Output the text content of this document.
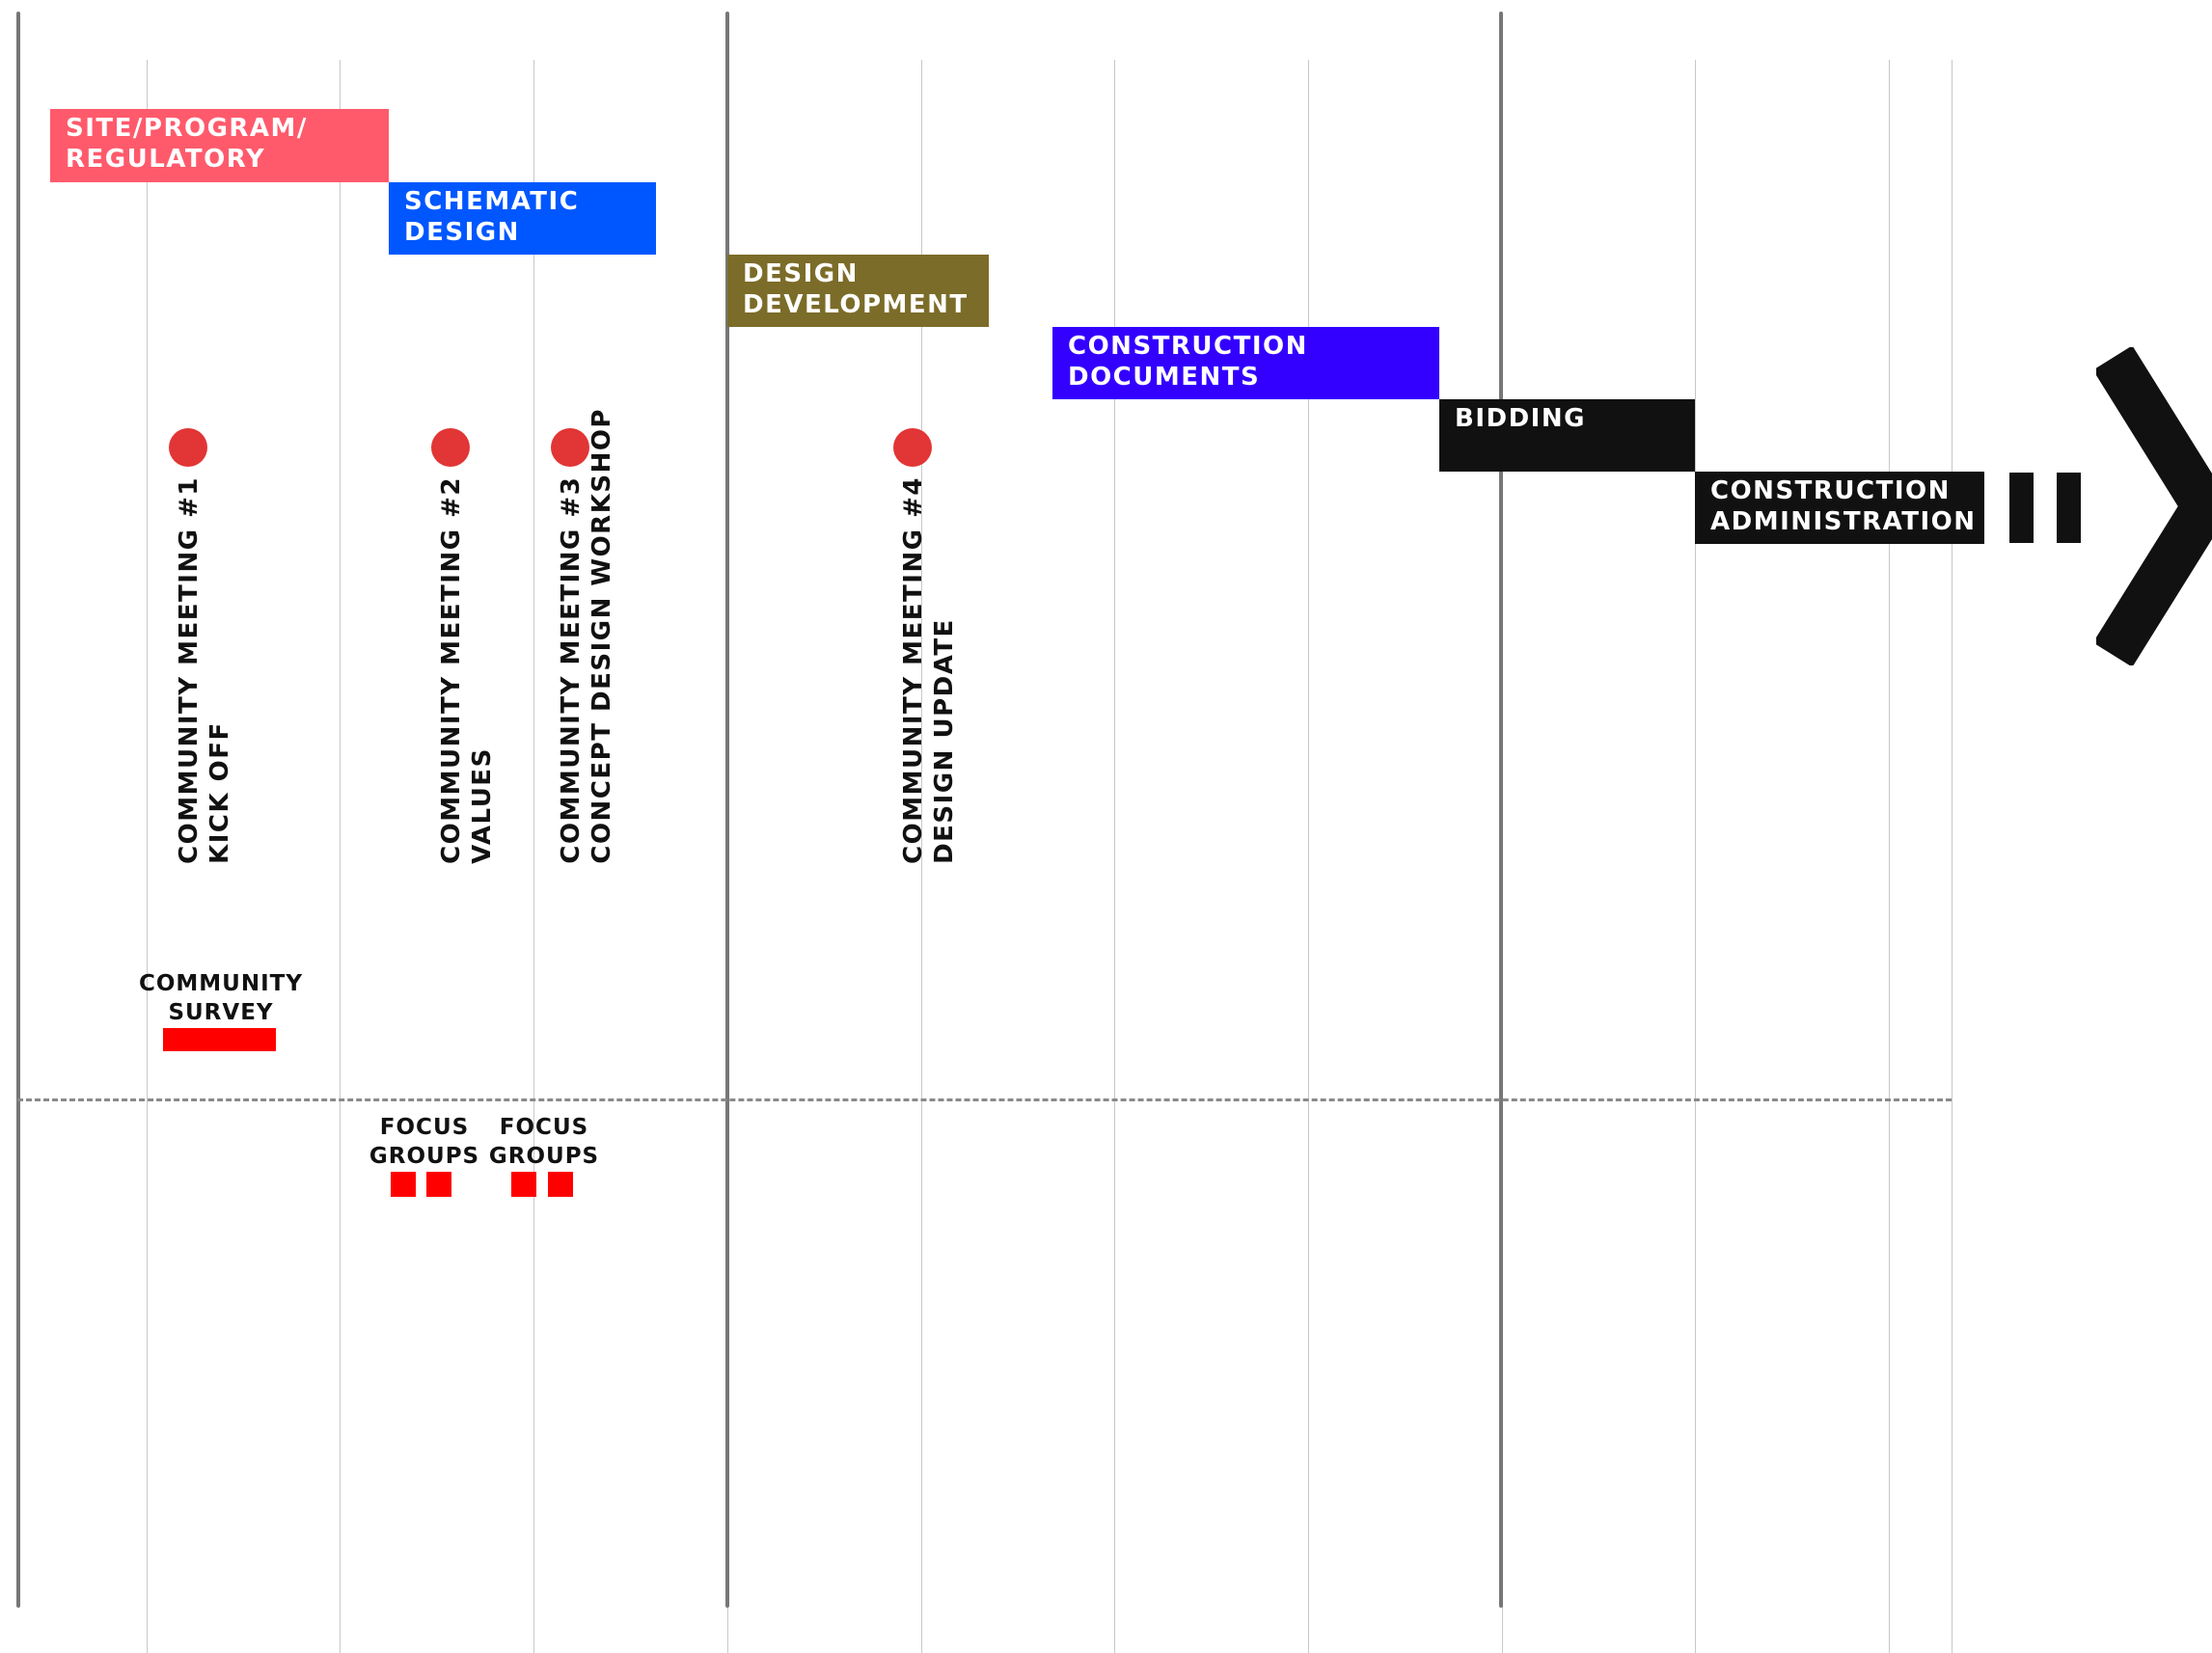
SITE/PROGRAM/
REGULATORY
SCHEMATIC
DESIGN
DESIGN
DEVELOPMENT
CONSTRUCTION
DOCUMENTS
BIDDING
CONSTRUCTION
ADMINISTRATION
COMMUNITY MEETING #1 KICK OFF	COMMUNITY MEETING #2 VALUES COMMUNITY MEETING #3 CONCEPT DESIGN WORKSHOP	COMMUNITY MEETING #4 DESIGN UPDATE
COMMUNITY
SURVEY
FOCUS
GROUPS
FOCUS
GROUPS
